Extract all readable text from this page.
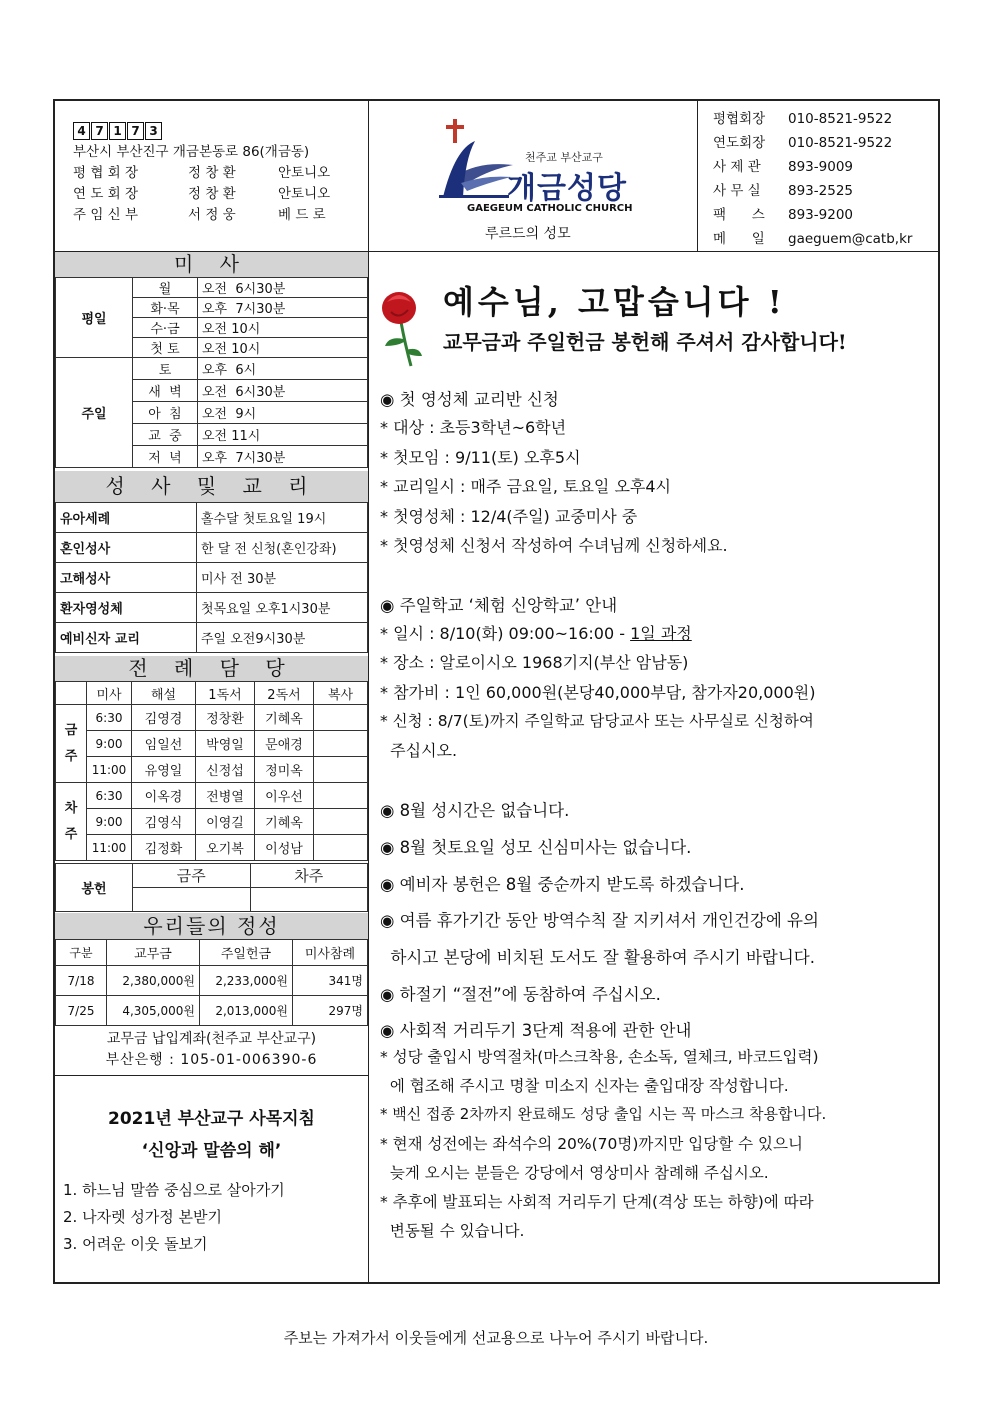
4 7 1 7 3
부산시 부산진구 개금본동로 86(개금동)
평 협 회 장	정 창 환	안토니오
연 도 회 장	정 창 환	안토니오
주 임 신 부	서 정 웅	베 드 로
천주교 부산교구
개금성당
GAEGEUM CATHOLIC CHURCH
루르드의 성모
평협회장 010-8521-9522
연도회장 010-8521-9522
사 제 관 893-9009
사 무 실 893-2525
팩      스 893-9200
메      일 gaeguem@catb,kr
미 사
평일	월	오전  6시30분
	화·목	오후  7시30분
	수·금	오전 10시
	첫 토	오전 10시
주일	토	오후  6시
	새  벽	오전  6시30분
	아  침	오전  9시
	교  중	오전 11시
	저  녁	오후  7시30분
성 사 및 교 리
유아세례	홀수달 첫토요일 19시
혼인성사	한 달 전 신청(혼인강좌)
고해성사	미사 전 30분
환자영성체	첫목요일 오후1시30분
예비신자 교리	주일 오전9시30분
전 례 담 당
	미사	해설	1독서	2독서	복사
금
주	6:30	김영경	정창환	기혜옥	
	9:00	임일선	박영일	문애경	
	11:00	유영일	신정섭	정미옥	
차
주	6:30	이옥경	전병열	이우선	
	9:00	김영식	이영길	기혜옥	
	11:00	김정화	오기복	이성남	
봉헌	금주	차주

우리들의 정성
구분	교무금	주일헌금	미사참례
7/18	2,380,000원	2,233,000원	341명
7/25	4,305,000원	2,013,000원	297명
교무금 납입계좌(천주교 부산교구)
부산은행 : 105-01-006390-6
2021년 부산교구 사목지침
‘신앙과 말씀의 해’
1. 하느님 말씀 중심으로 살아가기
2. 나자렛 성가정 본받기
3. 어려운 이웃 돌보기
예수님, 고맙습니다 !
교무금과 주일헌금 봉헌해 주셔서 감사합니다!
◉ 첫 영성체 교리반 신청
* 대상 : 초등3학년~6학년
* 첫모임 : 9/11(토) 오후5시
* 교리일시 : 매주 금요일, 토요일 오후4시
* 첫영성체 : 12/4(주일) 교중미사 중
* 첫영성체 신청서 작성하여 수녀님께 신청하세요.
◉ 주일학교 ‘체험 신앙학교’ 안내
* 일시 : 8/10(화) 09:00~16:00 - 1일 과정
* 장소 : 알로이시오 1968기지(부산 암남동)
* 참가비 : 1인 60,000원(본당40,000부담, 참가자20,000원)
* 신청 : 8/7(토)까지 주일학교 담당교사 또는 사무실로 신청하여
주십시오.
◉ 8월 성시간은 없습니다.
◉ 8월 첫토요일 성모 신심미사는 없습니다.
◉ 예비자 봉헌은 8월 중순까지 받도록 하겠습니다.
◉ 여름 휴가기간 동안 방역수칙 잘 지키셔서 개인건강에 유의
하시고 본당에 비치된 도서도 잘 활용하여 주시기 바랍니다.
◉ 하절기 “절전”에 동참하여 주십시오.
◉ 사회적 거리두기 3단계 적용에 관한 안내
* 성당 출입시 방역절차(마스크착용, 손소독, 열체크, 바코드입력)
에 협조해 주시고 명찰 미소지 신자는 출입대장 작성합니다.
* 백신 접종 2차까지 완료해도 성당 출입 시는 꼭 마스크 착용합니다.
* 현재 성전에는 좌석수의 20%(70명)까지만 입당할 수 있으니
늦게 오시는 분들은 강당에서 영상미사 참례해 주십시오.
* 추후에 발표되는 사회적 거리두기 단계(격상 또는 하향)에 따라
변동될 수 있습니다.
주보는 가져가서 이웃들에게 선교용으로 나누어 주시기 바랍니다.
